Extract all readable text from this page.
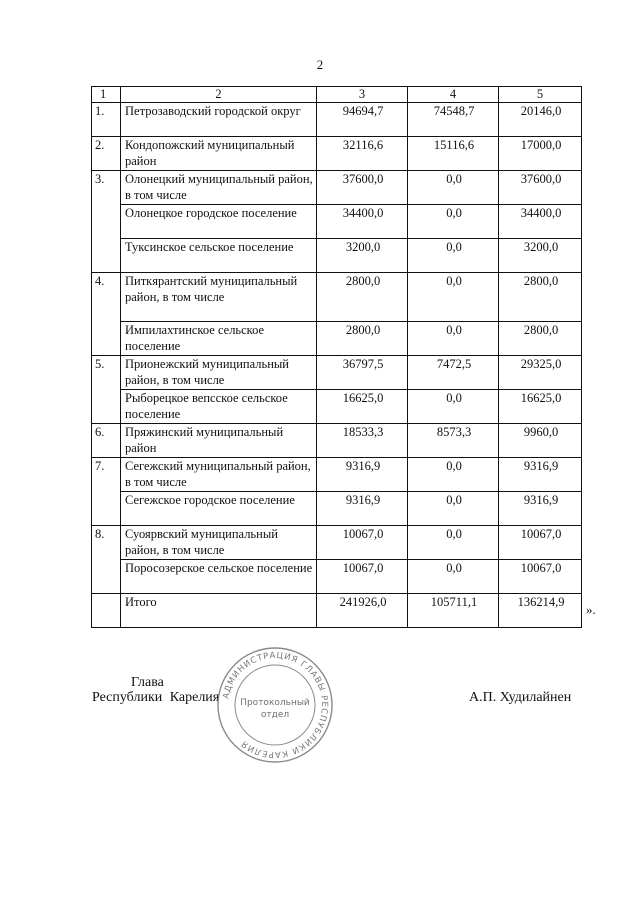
2
1	2	3	4	5
1.	Петрозаводский городской округ	94694,7	74548,7	20146,0
2.	Кондопожский муниципальный район	32116,6	15116,6	17000,0
3.	Олонецкий муниципальный район, в том числе	37600,0	0,0	37600,0
	Олонецкое городское поселение	34400,0	0,0	34400,0
	Туксинское сельское поселение	3200,0	0,0	3200,0
4.	Питкярантский муниципальный район, в том числе	2800,0	0,0	2800,0
	Импилахтинское сельское поселение	2800,0	0,0	2800,0
5.	Прионежский муниципальный район, в том числе	36797,5	7472,5	29325,0
	Рыборецкое вепсское сельское поселение	16625,0	0,0	16625,0
6.	Пряжинский муниципальный район	18533,3	8573,3	9960,0
7.	Сегежский муниципальный район, в том числе	9316,9	0,0	9316,9
	Сегежское городское поселение	9316,9	0,0	9316,9
8.	Суоярвский муниципальный район, в том числе	10067,0	0,0	10067,0
	Поросозерское сельское поселение	10067,0	0,0	10067,0
	Итого	241926,0	105711,1	136214,9 ».
Глава
Республики Карелия	А.П. Худилайнен
АДМИНИСТРАЦИЯ ГЛАВЫ РЕСПУБЛИКИ КАРЕЛИЯ
Протокольный
отдел
